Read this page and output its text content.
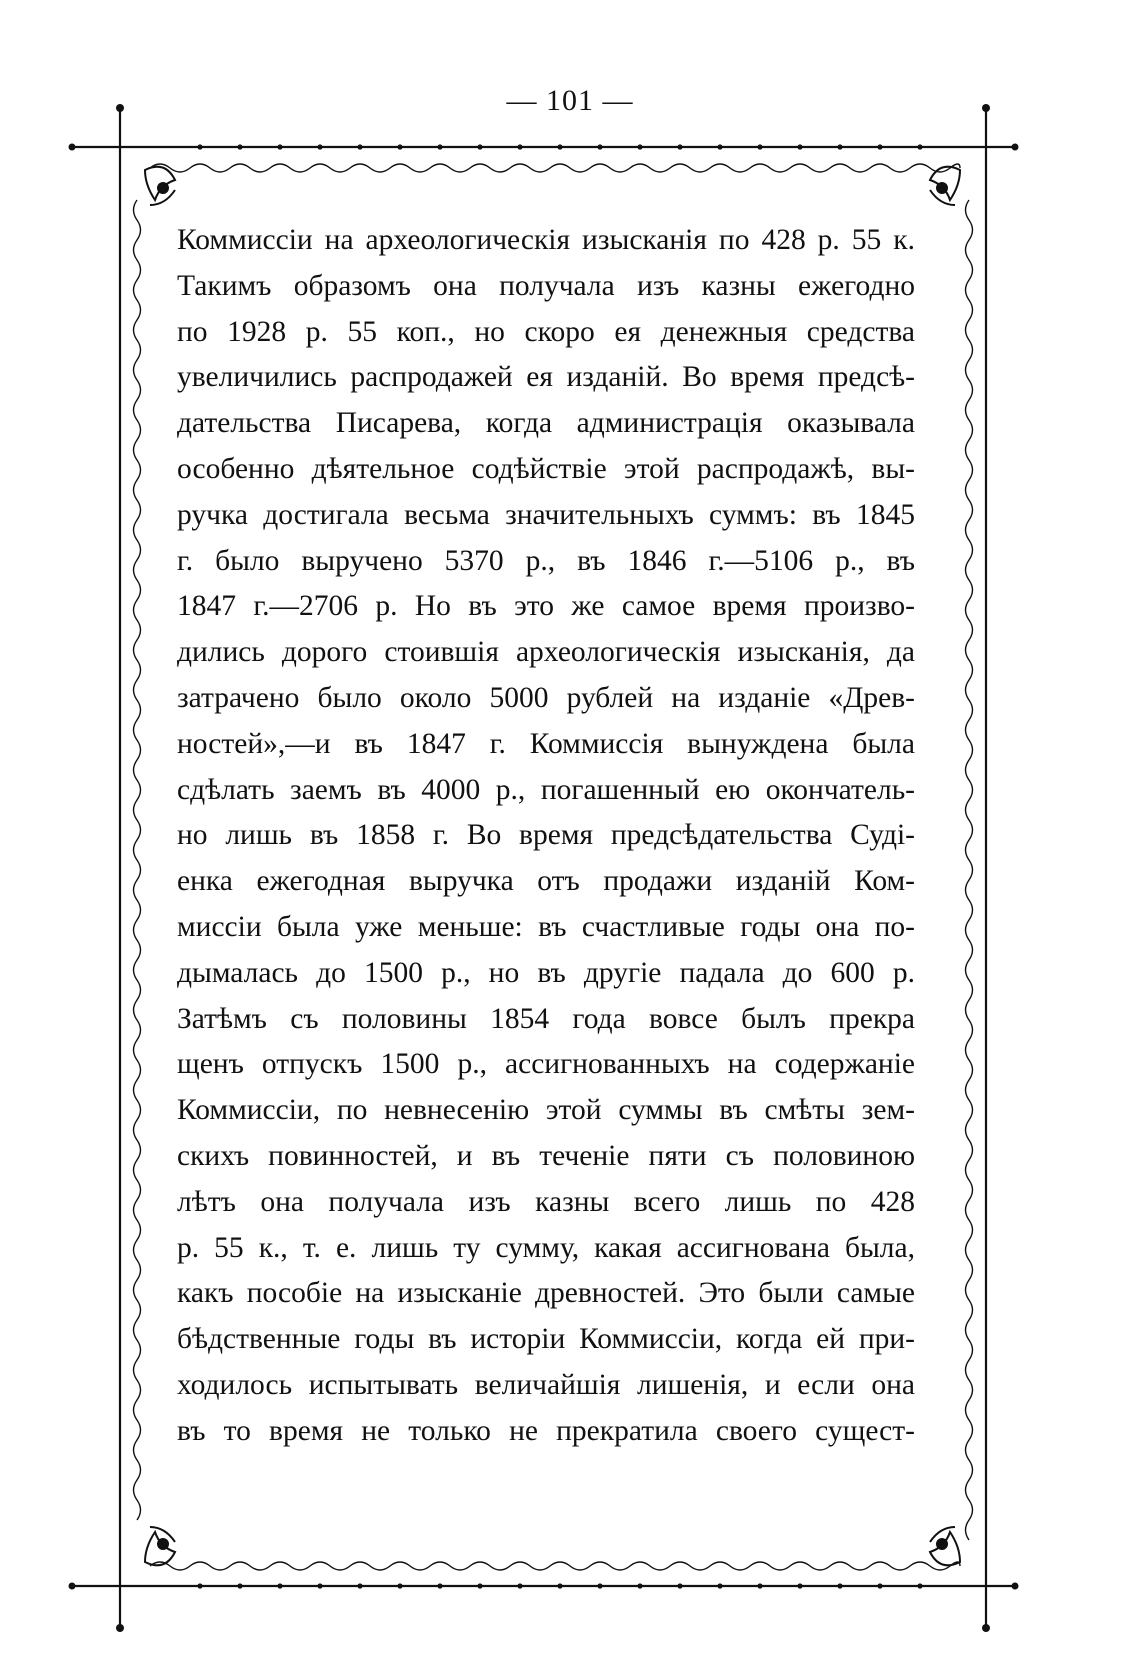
— 101 —
Коммиссіи на археологическія изысканія по 428 р. 55 к.
Такимъ образомъ она получала изъ казны ежегодно
по 1928 р. 55 коп., но скоро ея денежныя средства
увеличились распродажей ея изданій. Во время предсѣ-
дательства Писарева, когда администрація оказывала
особенно дѣятельное содѣйствіе этой распродажѣ, вы-
ручка достигала весьма значительныхъ суммъ: въ 1845
г. было выручено 5370 р., въ 1846 г.—5106 р., въ
1847 г.—2706 р. Но въ это же самое время произво-
дились дорого стоившія археологическія изысканія, да
затрачено было около 5000 рублей на изданіе «Древ-
ностей»,—и въ 1847 г. Коммиссія вынуждена была
сдѣлать заемъ въ 4000 р., погашенный ею окончатель-
но лишь въ 1858 г. Во время предсѣдательства Суді-
енка ежегодная выручка отъ продажи изданій Ком-
миссіи была уже меньше: въ счастливые годы она по-
дымалась до 1500 р., но въ другіе падала до 600 р.
Затѣмъ съ половины 1854 года вовсе былъ прекра
щенъ отпускъ 1500 р., ассигнованныхъ на содержаніе
Коммиссіи, по невнесенію этой суммы въ смѣты зем-
скихъ повинностей, и въ теченіе пяти съ половиною
лѣтъ она получала изъ казны всего лишь по 428
р. 55 к., т. е. лишь ту сумму, какая ассигнована была,
какъ пособіе на изысканіе древностей. Это были самые
бѣдственные годы въ исторіи Коммиссіи, когда ей при-
ходилось испытывать величайшія лишенія, и если она
въ то время не только не прекратила своего сущест-
